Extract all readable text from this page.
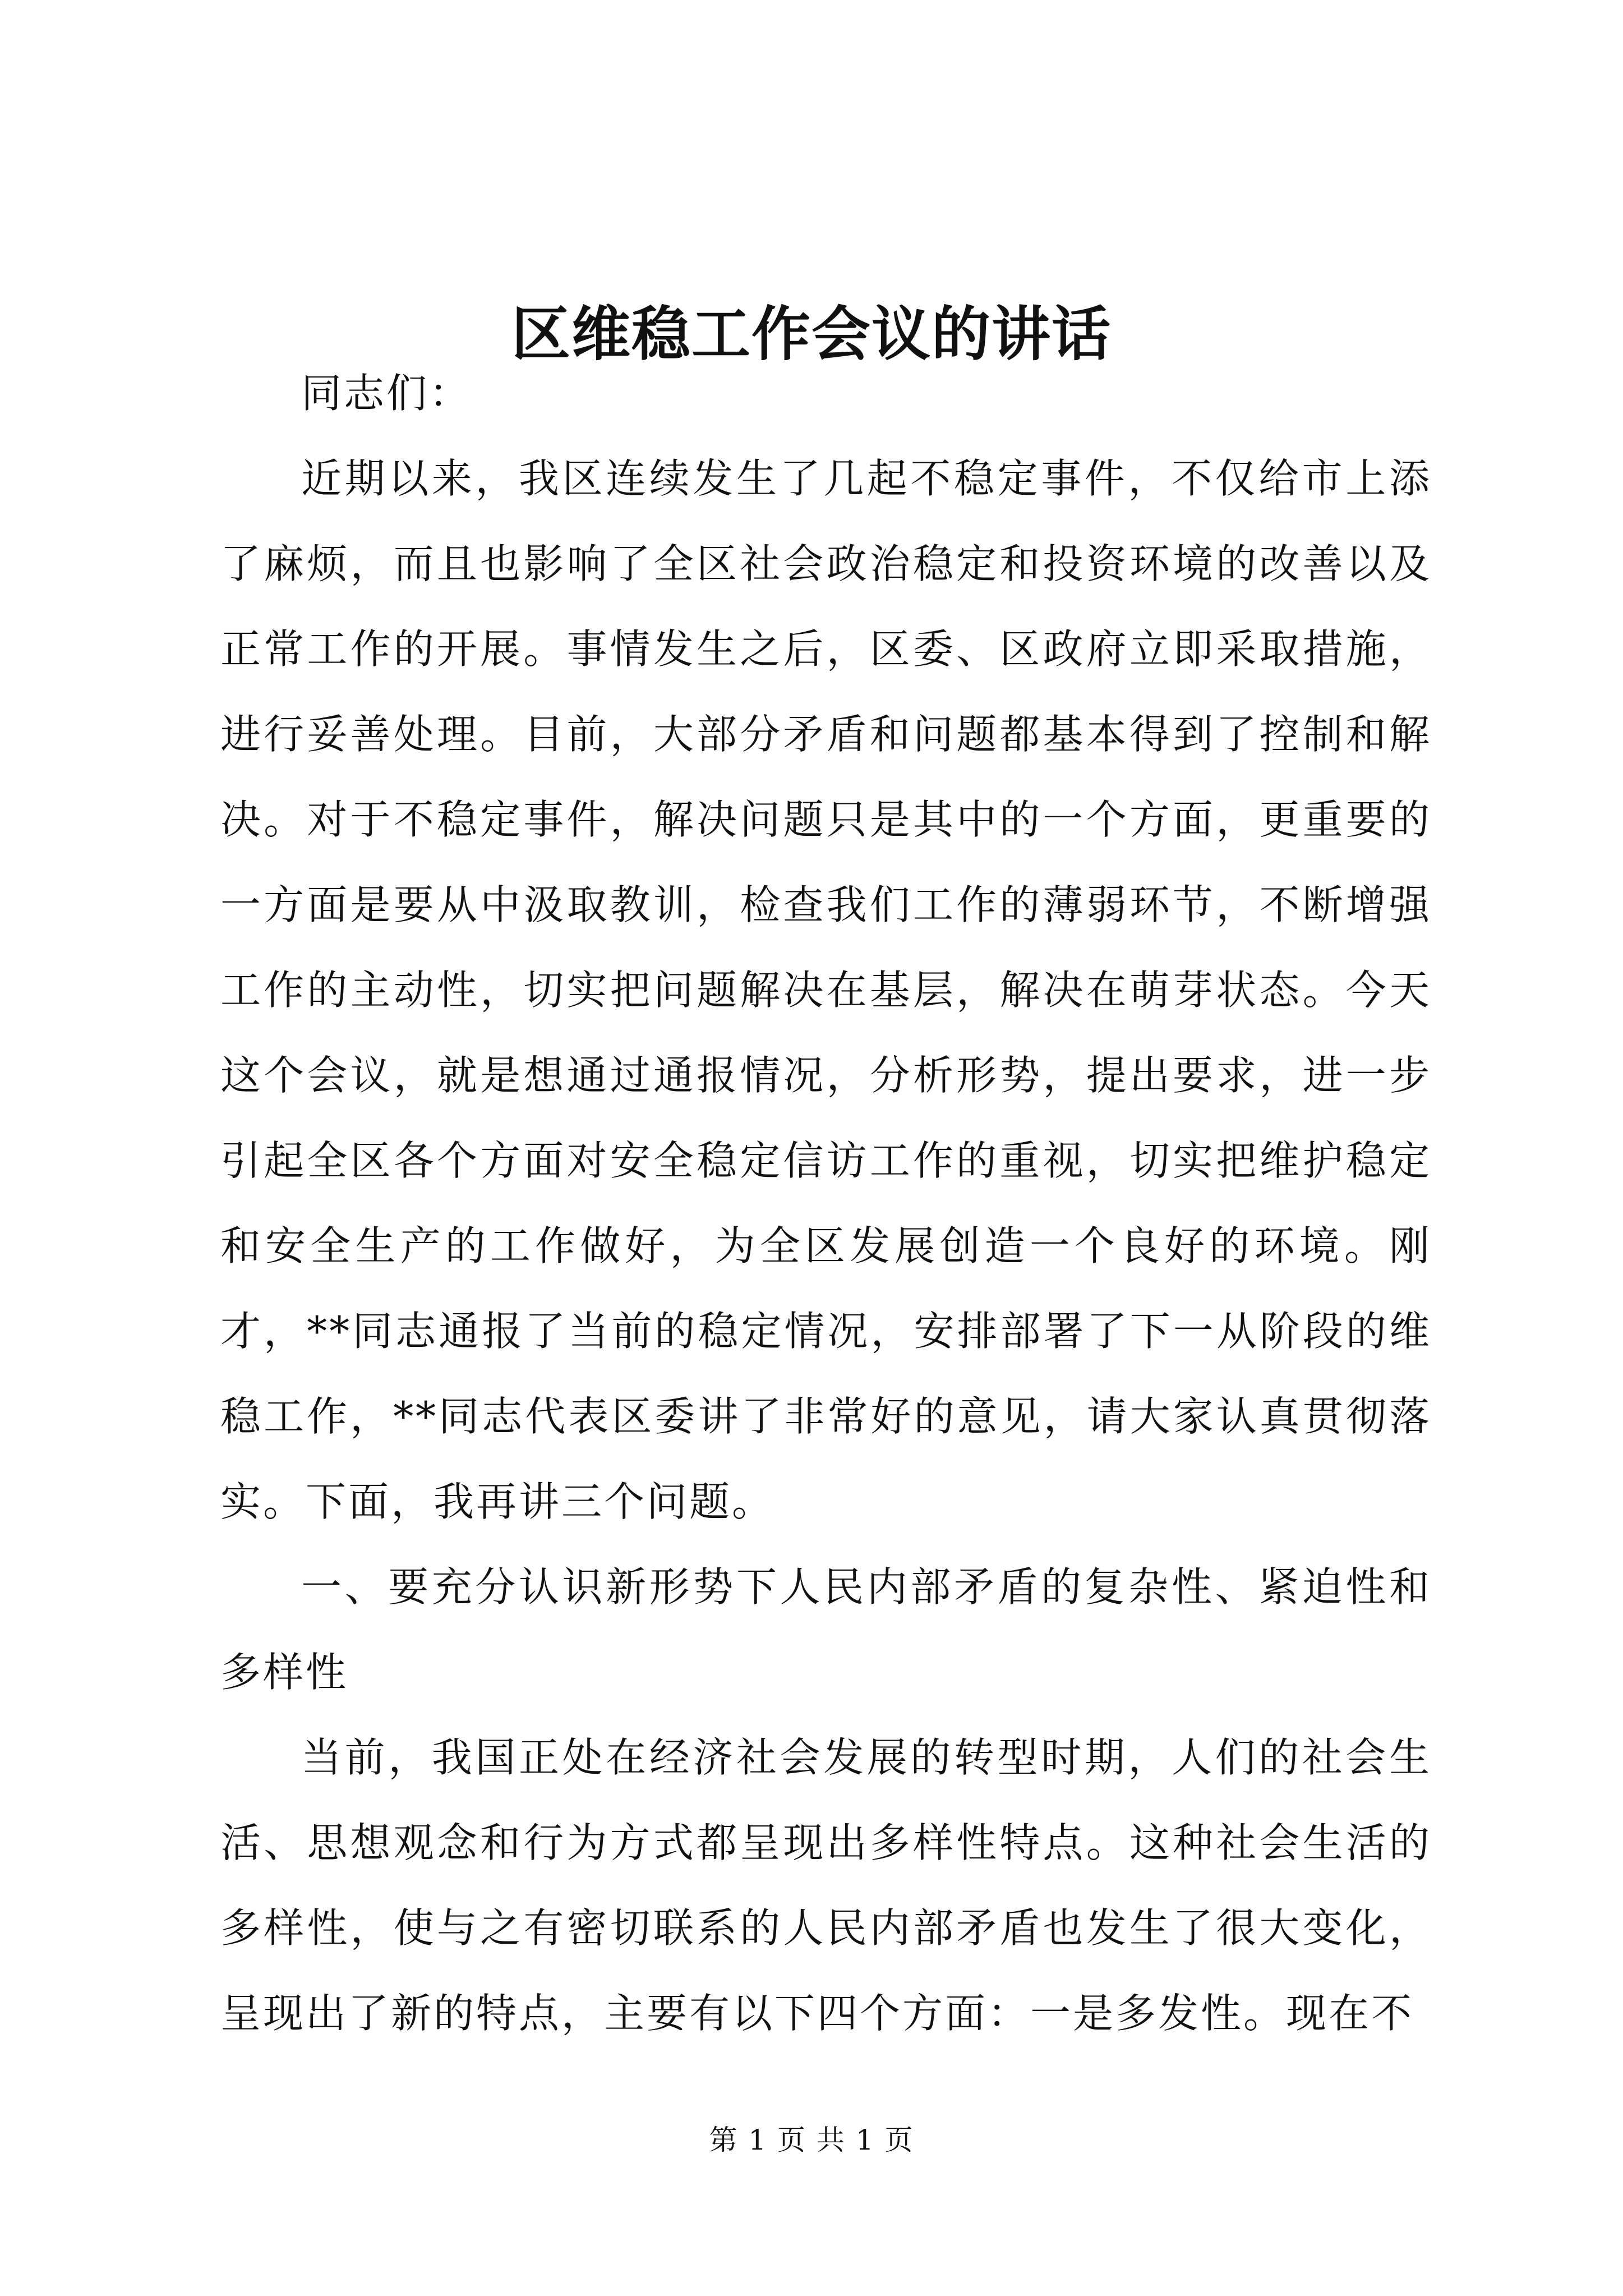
区维稳工作会议的讲话

同志们：

近期以来，我区连续发生了几起不稳定事件，不仅给市上添了麻烦，而且也影响了全区社会政治稳定和投资环境的改善以及正常工作的开展。事情发生之后，区委、区政府立即采取措施，进行妥善处理。目前，大部分矛盾和问题都基本得到了控制和解决。对于不稳定事件，解决问题只是其中的一个方面，更重要的一方面是要从中汲取教训，检查我们工作的薄弱环节，不断增强工作的主动性，切实把问题解决在基层，解决在萌芽状态。今天这个会议，就是想通过通报情况，分析形势，提出要求，进一步引起全区各个方面对安全稳定信访工作的重视，切实把维护稳定和安全生产的工作做好，为全区发展创造一个良好的环境。刚才，**同志通报了当前的稳定情况，安排部署了下一从阶段的维稳工作，**同志代表区委讲了非常好的意见，请大家认真贯彻落实。下面，我再讲三个问题。

一、要充分认识新形势下人民内部矛盾的复杂性、紧迫性和多样性

当前，我国正处在经济社会发展的转型时期，人们的社会生活、思想观念和行为方式都呈现出多样性特点。这种社会生活的多样性，使与之有密切联系的人民内部矛盾也发生了很大变化，呈现出了新的特点，主要有以下四个方面：一是多发性。现在不

第 1 页 共 1 页
